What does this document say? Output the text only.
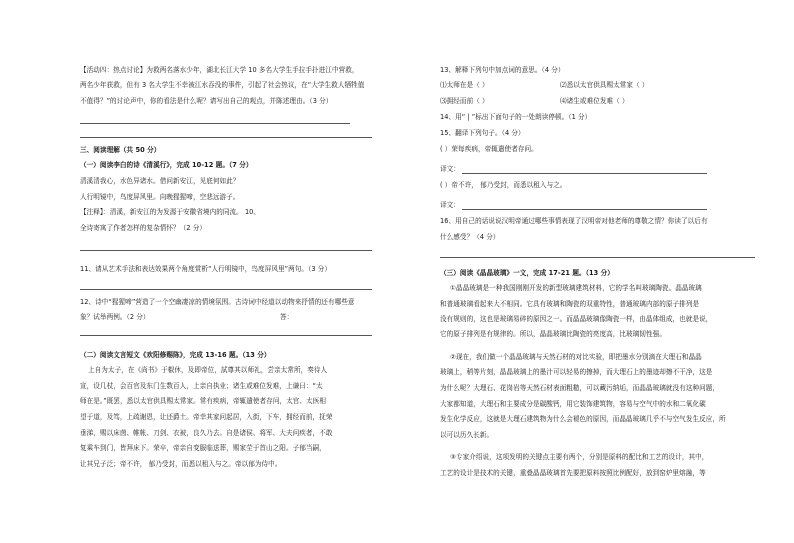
【活动四：热点讨论】为救两名落水少年，湖北长江大学 10 多名大学生手拉手扑进江中营救，
两名少年获救，但有 3 名大学生不幸被江水吞没的事件，引起了社会热议，在“大学生救人牺牲值
不值得？”的讨论声中，你的看法是什么呢？请写出自己的观点，并陈述理由。（3 分）
三、阅读理解（共 50 分）
（一）阅读李白的诗《清溪行》，完成 10-12 题。（7 分）
清溪清我心，水色异诸水。借问新安江，见底何如此？
人行明镜中，鸟度屏风里。向晚猩猩啼，空悲远游子。
【注释】：清溪，新安江的为发源于安徽省境内的同流。 10、
全诗寄寓了作者怎样的复杂情怀？（2 分）
11、请从艺术手法和表达效果两个角度赏析“人行明镜中，鸟度屏风里”两句。（3 分）
12、诗中“猩猩啼”营造了一个空幽凄凉的情境氛围。古诗词中经道以动物来抒情的还有哪些意
象？试举两例。（2 分）	答：
（二）阅读文言短文《欢阳修赐陈》，完成 13-16 题。（13 分）
上自为太子，在《尚书》于椒休，及即帝位，試尊其以师礼，尝亲太常所，奏待人
宣，设几杖，会百官及东门生数百人，上亲自执业；诸生或难位发难，上谦曰：“太
师在是。”既罢，悉以太官供具赐太常家。常有疾病，帝辄遣使者存问，太官、太医相
望于道，及笃，上疏谢恩，让还爵土。帝幸其家问起居，入街，下车，拥经而前，抚荣
垂涕，赐以床茵、帷帐、刀剑、衣被，良久乃去。自是诸侯、将军、大夫问疾者，不敢
复乘车到门，皆拜床下。荣卒，帝亲自变服临送葬，赐家茔于首山之阳。子郁当嗣，
让其兄子泛；帝不许， 郁乃受封，而悉以租入与之。帝以郁为侍中。
13、解释下列句中加点词的意思。（4 分）
⑴太师在是（ ）	⑵悉以太官供具赐太常家（ ）
⑶拥经而前（ ）	⑷诸生或难位发难（ ）
14、用“ | ”标出下面句子的一处朗读停顿。（1 分）
15、翻译下列句子。（4 分）
( ）荣每疾病，帝辄遣使者存问。
译文：
( ）帝不许， 郁乃受封，而悉以租入与之。
译文：
16、用自己的话说说汉明帝通过哪些事情表现了汉明帝对他老师的尊敬之情？你读了以后有
什么感受？（4 分）
（三）阅读《晶晶玻璃》一文，完成 17-21 题。（13 分）
①晶晶玻璃是一种我国刚刚开发的新型玻璃建筑材料，它的学名叫玻璃陶瓷。晶晶玻璃
和普通玻璃看起来大不相同。它具有玻璃和陶瓷的双重特性，普通玻璃内部的原子排列是
没有规则的，这也是玻璃易碎的原因之一。而晶晶玻璃像陶瓷一样，由晶体组成，也就是说，
它的原子排列是有规律的。所以，晶晶玻璃比陶瓷的亮度高，比玻璃韧性强。
②现在，我们做一个晶晶玻璃与天然石材的对比实验，即把墨水分别滴在大理石和晶晶
玻璃上，稍等片刻，晶晶玻璃上的墨汁可以轻易的擦掉，而大理石上的墨迹却擦不干净，这是
为什么呢？大理石、花岗岩等天然石材表面粗糙，可以藏污纳垢，而晶晶玻璃就没有这种问题，
大家都知道，大理石和主要成分是碳酸钙，用它装饰建筑物，容易与空气中的水和二氧化碳
发生化学反应，这就是大理石建筑物为什么会褪色的原因，而晶晶玻璃几乎不与空气发生反应，所
以可以历久长新。
③专家介绍说，这项发明的关键点主要有两个，分别是原料的配比和工艺的设计，其中，
工艺的设计是技术的关键，重叠晶晶玻璃首先要把原料按照比例配好，放到窑炉里熔融，等
